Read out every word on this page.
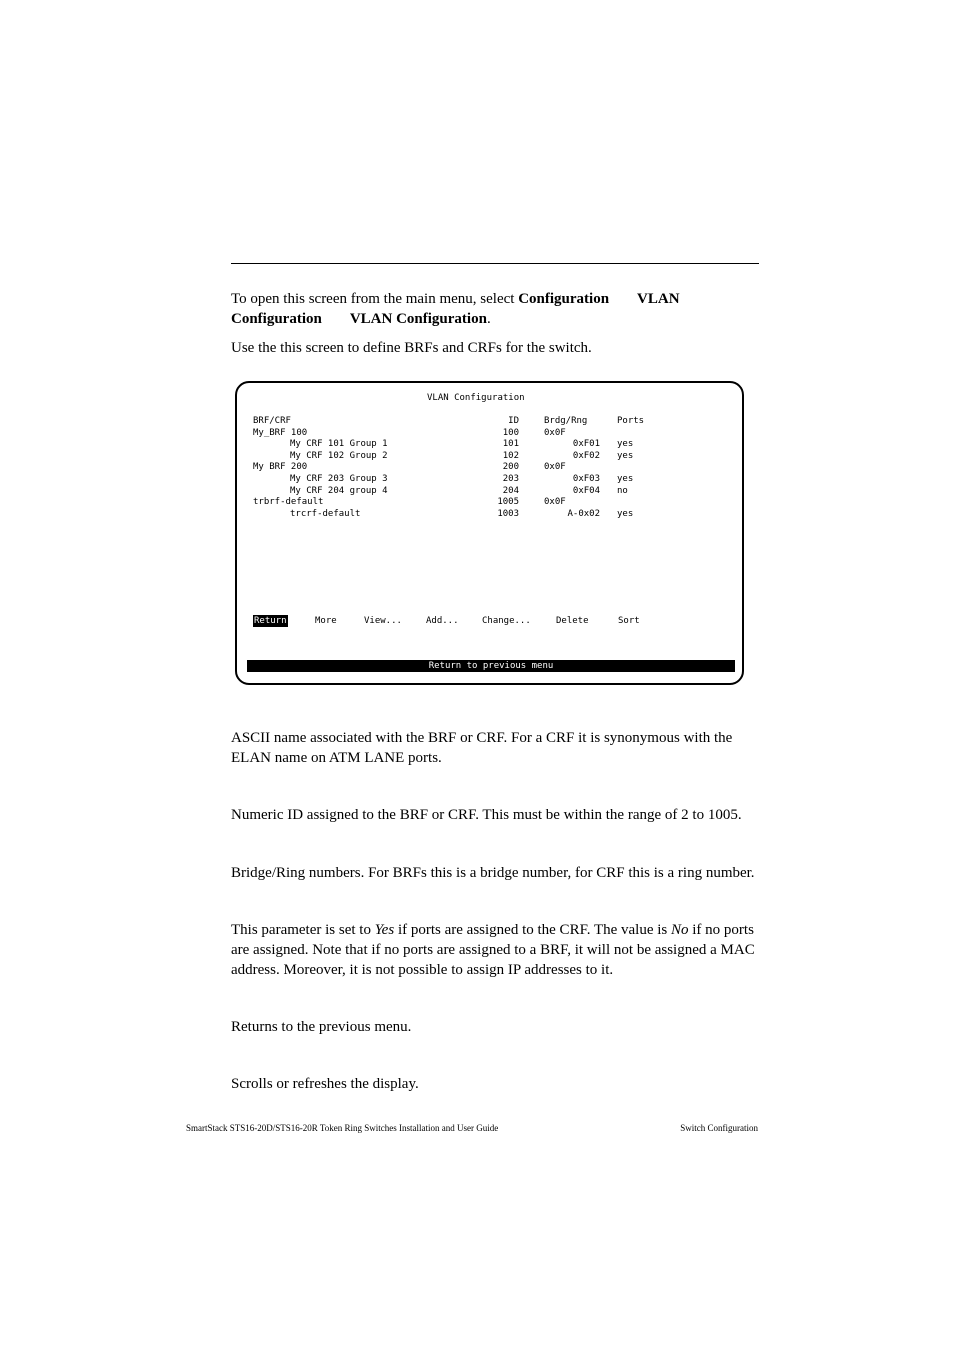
To open this screen from the main menu, select Configuration VLAN
Configuration VLAN Configuration.
Use the this screen to define BRFs and CRFs for the switch.
VLAN Configuration
BRF/CRF	ID	Brdg/Rng	Ports
My_BRF 100	100	0x0F
My CRF 101 Group 1	101	0xF01 yes
My CRF 102 Group 2	102	0xF02 yes
My BRF 200	200	0x0F
My CRF 203 Group 3	203	0xF03 yes
My CRF 204 group 4	204	0xF04 no
trbrf-default	1005	0x0F
trcrf-default	1003	A-0x02 yes
Return	More	View...	Add...	Change...	Delete	Sort
Return to previous menu
ASCII name associated with the BRF or CRF. For a CRF it is synonymous with the ELAN name on ATM LANE ports.
Numeric ID assigned to the BRF or CRF. This must be within the range of 2 to 1005.
Bridge/Ring numbers. For BRFs this is a bridge number, for CRF this is a ring number.
This parameter is set to Yes if ports are assigned to the CRF. The value is No if no ports are assigned. Note that if no ports are assigned to a BRF, it will not be assigned a MAC address. Moreover, it is not possible to assign IP addresses to it.
Returns to the previous menu.
Scrolls or refreshes the display.
SmartStack STS16-20D/STS16-20R Token Ring Switches Installation and User Guide	Switch Configuration
